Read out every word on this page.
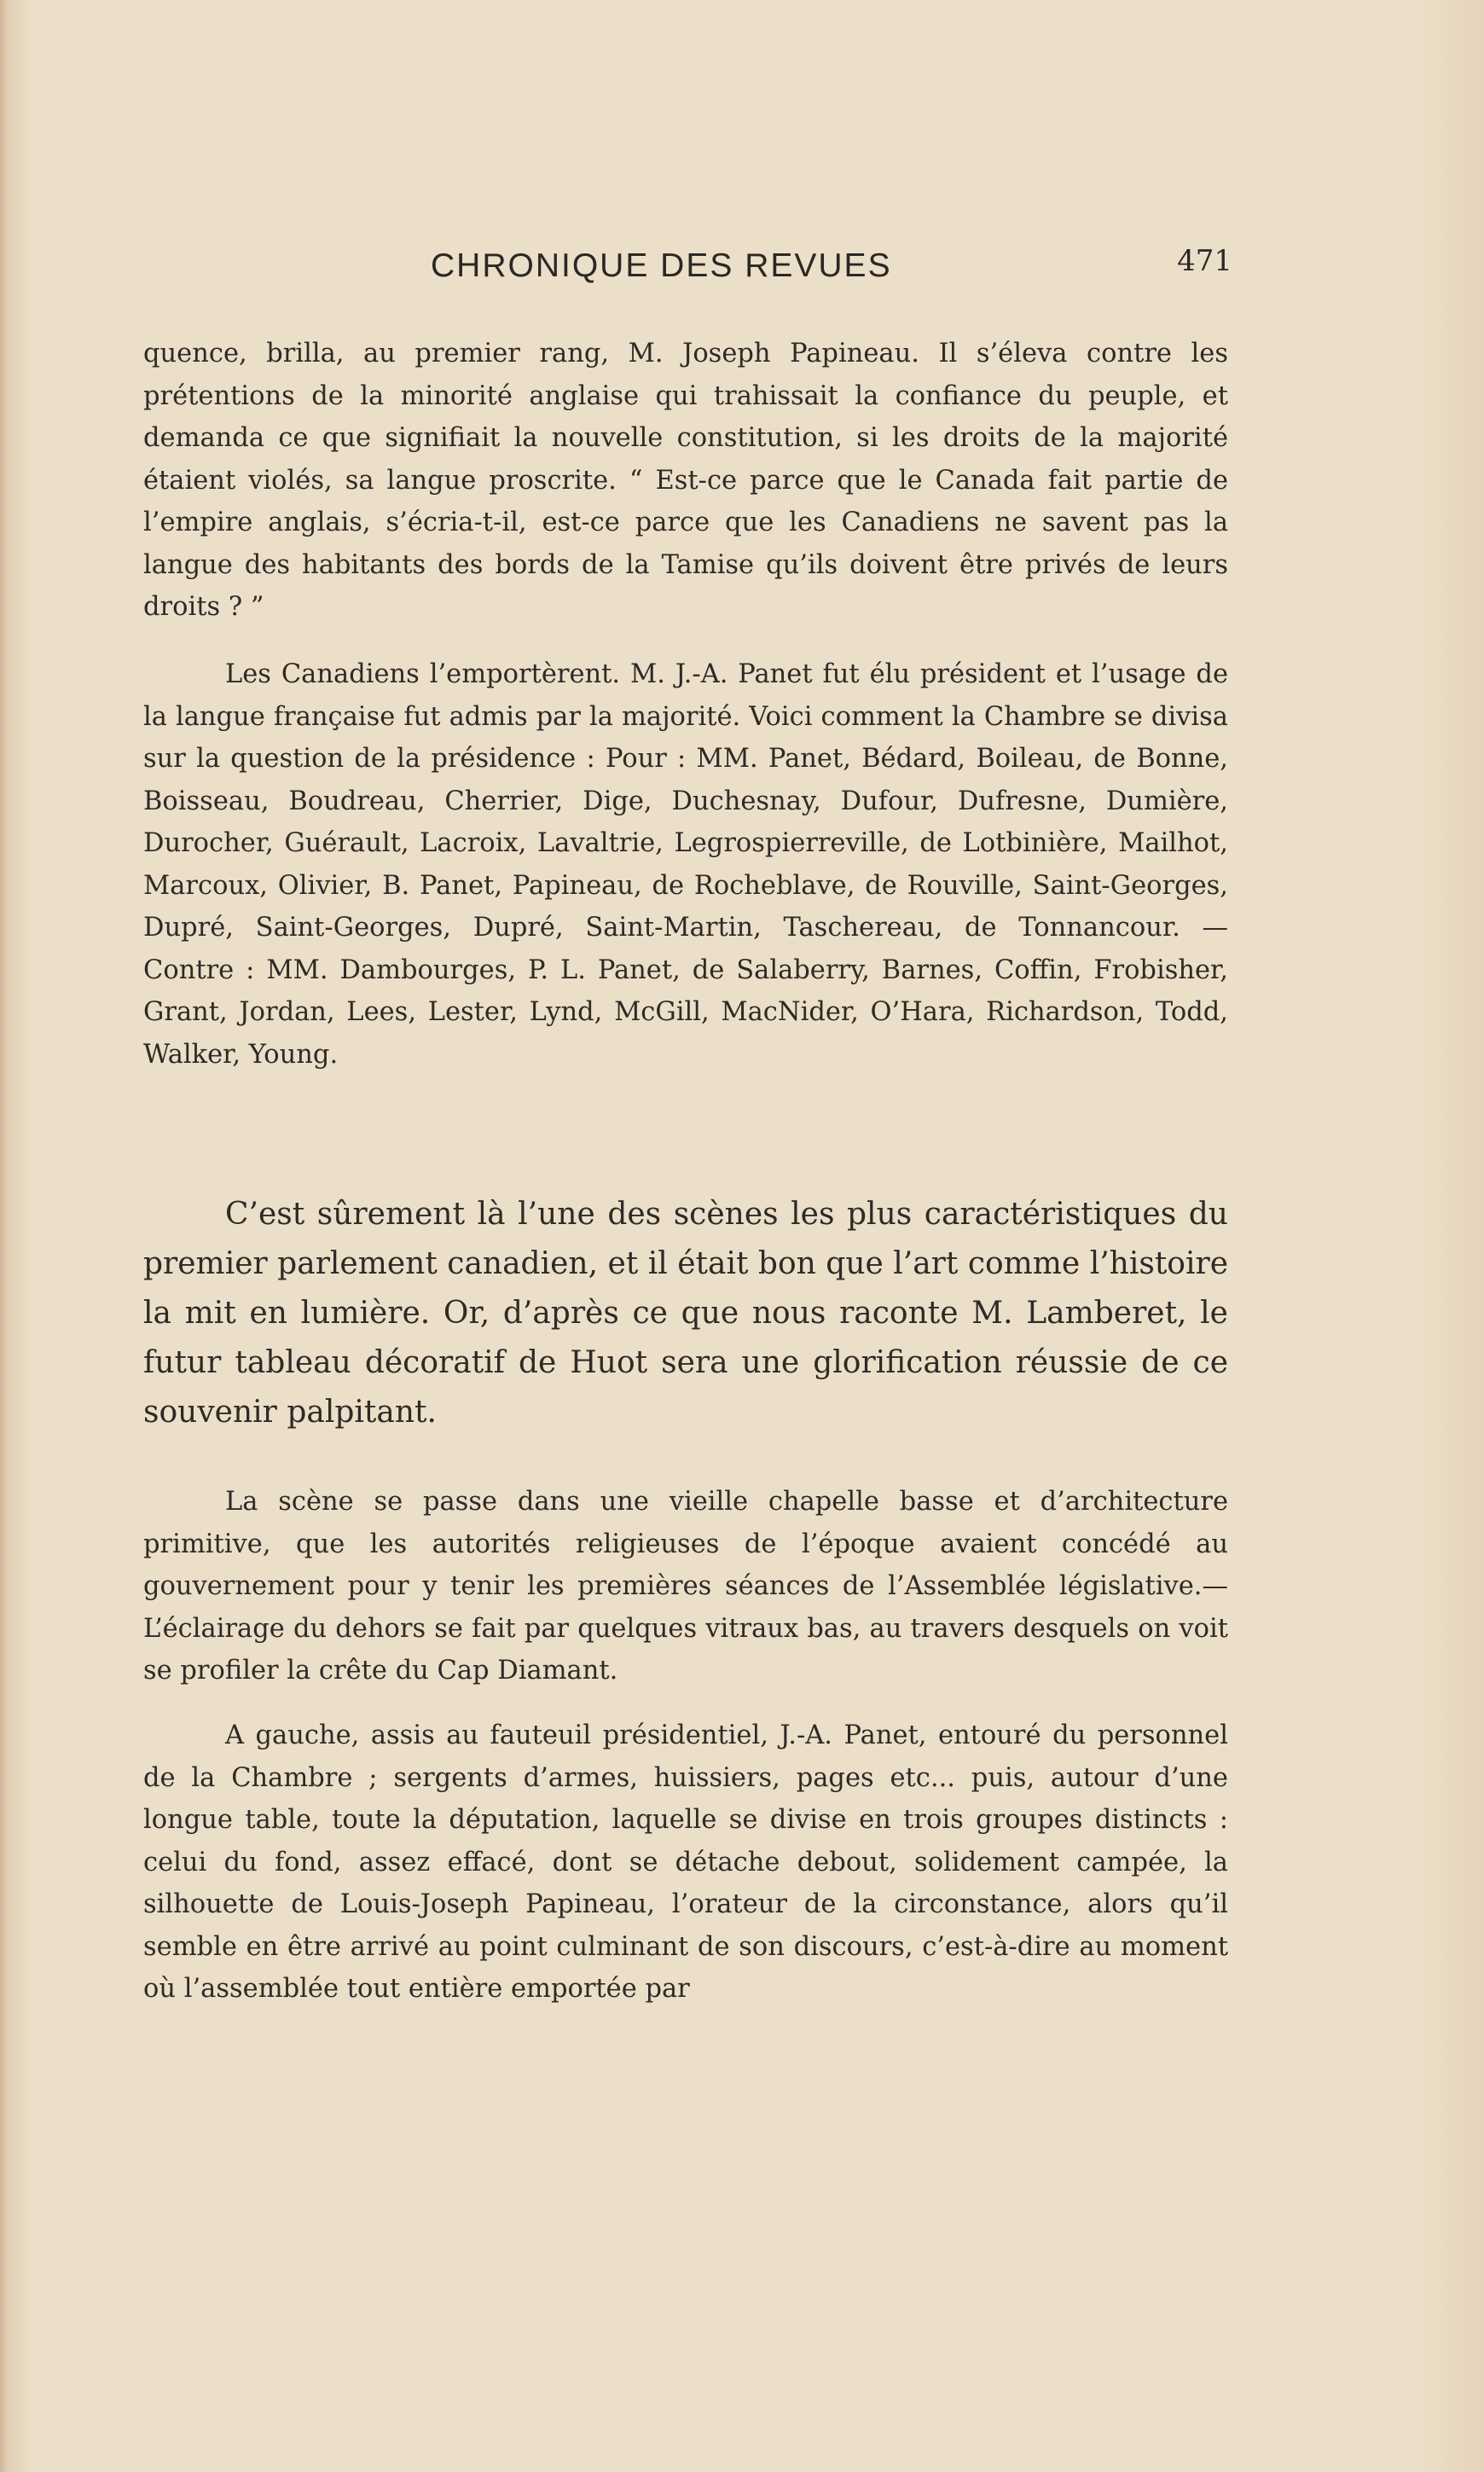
CHRONIQUE DES REVUES	471

quence, brilla, au premier rang, M. Joseph Papineau. Il s’éleva contre les prétentions de la minorité anglaise qui trahissait la confiance du peuple, et demanda ce que signifiait la nouvelle constitution, si les droits de la majorité étaient violés, sa langue proscrite. “ Est-ce parce que le Canada fait partie de l’empire anglais, s’écria-t-il, est-ce parce que les Canadiens ne savent pas la langue des habitants des bords de la Tamise qu’ils doivent être privés de leurs droits ? ”

Les Canadiens l’emportèrent. M. J.-A. Panet fut élu président et l’usage de la langue française fut admis par la majorité. Voici comment la Chambre se divisa sur la question de la présidence : Pour : MM. Panet, Bédard, Boileau, de Bonne, Boisseau, Boudreau, Cherrier, Dige, Duchesnay, Dufour, Dufresne, Dumière, Durocher, Guérault, Lacroix, Lavaltrie, Legrospierreville, de Lotbinière, Mailhot, Marcoux, Olivier, B. Panet, Papineau, de Rocheblave, de Rouville, Saint-Georges, Dupré, Saint-Georges, Dupré, Saint-Martin, Taschereau, de Tonnancour. — Contre : MM. Dambourges, P. L. Panet, de Salaberry, Barnes, Coffin, Frobisher, Grant, Jordan, Lees, Lester, Lynd, McGill, MacNider, O’Hara, Richardson, Todd, Walker, Young.

C’est sûrement là l’une des scènes les plus caractéristiques du premier parlement canadien, et il était bon que l’art comme l’histoire la mit en lumière. Or, d’après ce que nous raconte M. Lamberet, le futur tableau décoratif de Huot sera une glorification réussie de ce souvenir palpitant.

La scène se passe dans une vieille chapelle basse et d’architecture primitive, que les autorités religieuses de l’époque avaient concédé au gouvernement pour y tenir les premières séances de l’Assemblée législative.— L’éclairage du dehors se fait par quelques vitraux bas, au travers desquels on voit se profiler la crête du Cap Diamant.

A gauche, assis au fauteuil présidentiel, J.-A. Panet, entouré du personnel de la Chambre ; sergents d’armes, huissiers, pages etc... puis, autour d’une longue table, toute la députation, laquelle se divise en trois groupes distincts : celui du fond, assez effacé, dont se détache debout, solidement campée, la silhouette de Louis-Joseph Papineau, l’orateur de la circonstance, alors qu’il semble en être arrivé au point culminant de son discours, c’est-à-dire au moment où l’assemblée tout entière emportée par
